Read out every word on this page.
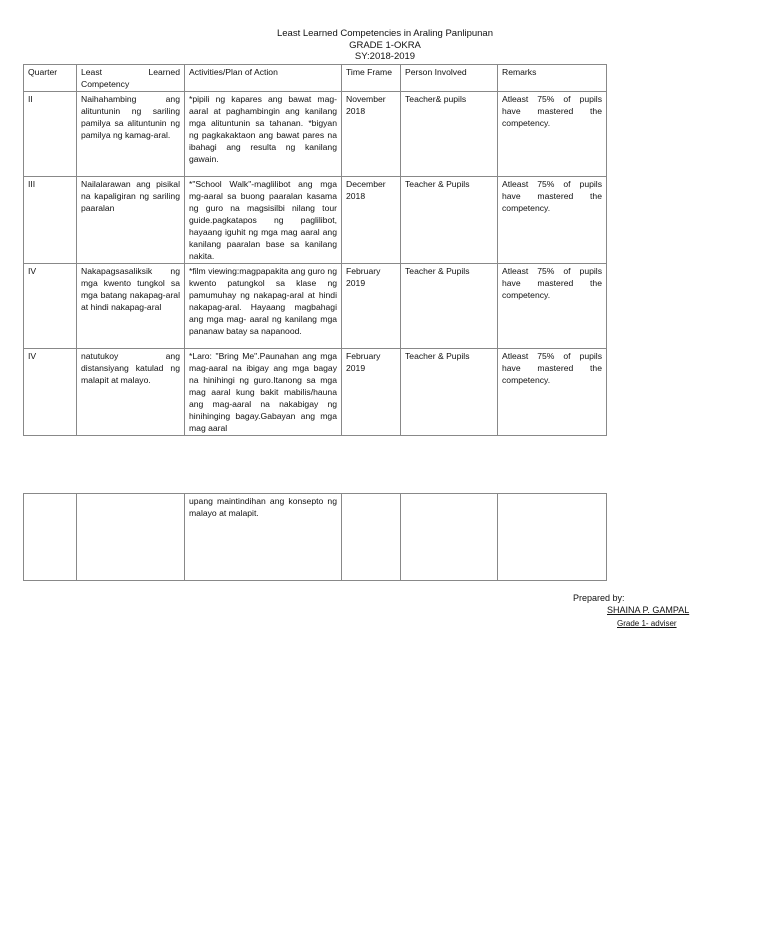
Least Learned Competencies in Araling Panlipunan
GRADE 1-OKRA
SY:2018-2019
Quarter	Least Learned Competency	Activities/Plan of Action	Time Frame	Person Involved	Remarks
II	Naihahambing ang alituntunin ng sariling pamilya sa alituntunin ng pamilya ng kamag-aral.	*pipili ng kapares ang bawat mag-aaral at paghambingin ang kanilang mga alituntunin sa tahanan. *bigyan ng pagkakaktaon ang bawat pares na ibahagi ang resulta ng kanilang gawain.	November 2018	Teacher& pupils	Atleast 75% of pupils have mastered the competency.
III	Nailalarawan ang pisikal na kapaligiran ng sariling paaralan	*"School Walk"-maglilibot ang mga mg-aaral sa buong paaralan kasama ng guro na magsisilbi nilang tour guide.pagkatapos ng paglilibot, hayaang iguhit ng mga mag aaral ang kanilang paaralan base sa kanilang nakita.	December 2018	Teacher & Pupils	Atleast 75% of pupils have mastered the competency.
IV	Nakapagsasaliksik ng mga kwento tungkol sa mga batang nakapag-aral at hindi nakapag-aral	*film viewing:magpapakita ang guro ng kwento patungkol sa klase ng pamumuhay ng nakapag-aral at hindi nakapag-aral. Hayaang magbahagi ang mga mag- aaral ng kanilang mga pananaw batay sa napanood.	February 2019	Teacher & Pupils	Atleast 75% of pupils have mastered the competency.
IV	natutukoy ang distansiyang katulad ng malapit at malayo.	*Laro: "Bring Me".Paunahan ang mga mag-aaral na ibigay ang mga bagay na hinihingi ng guro.Itanong sa mga mag aaral kung bakit mabilis/hauna ang mag-aaral na nakabigay ng hinihinging bagay.Gabayan ang mga mag aaral	February 2019	Teacher & Pupils	Atleast 75% of pupils have mastered the competency.
		upang maintindihan ang konsepto ng malayo at malapit.			
Prepared by:
SHAINA P. GAMPAL
Grade 1- adviser
